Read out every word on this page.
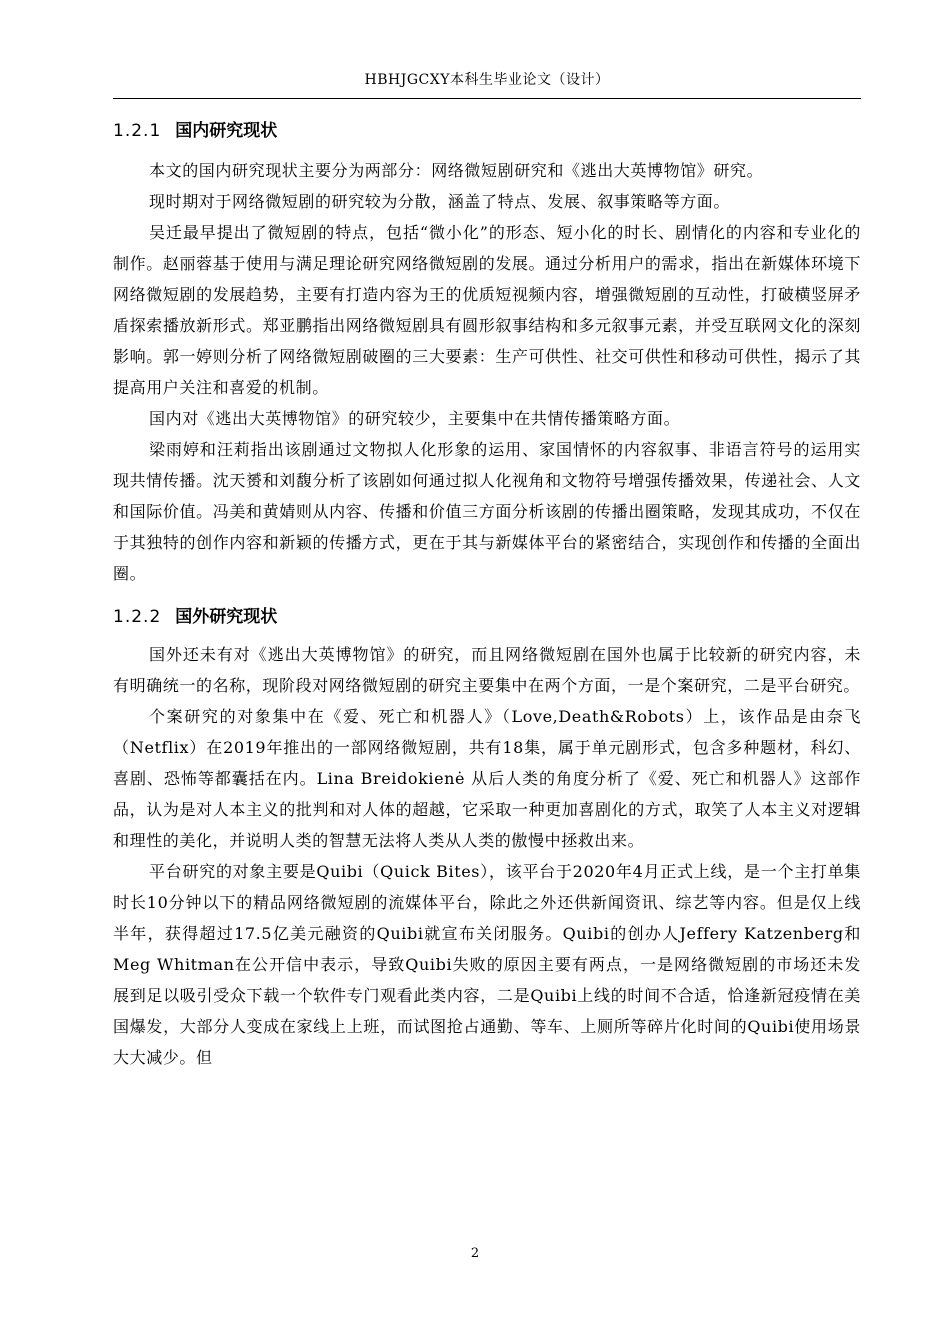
HBHJGCXY本科生毕业论文（设计）
1.2.1 国内研究现状

本文的国内研究现状主要分为两部分：网络微短剧研究和《逃出大英博物馆》研究。

现时期对于网络微短剧的研究较为分散，涵盖了特点、发展、叙事策略等方面。

吴迁最早提出了微短剧的特点，包括“微小化”的形态、短小化的时长、剧情化的内容和专业化的制作。赵丽蓉基于使用与满足理论研究网络微短剧的发展。通过分析用户的需求，指出在新媒体环境下网络微短剧的发展趋势，主要有打造内容为王的优质短视频内容，增强微短剧的互动性，打破横竖屏矛盾探索播放新形式。郑亚鹏指出网络微短剧具有圆形叙事结构和多元叙事元素，并受互联网文化的深刻影响。郭一婷则分析了网络微短剧破圈的三大要素：生产可供性、社交可供性和移动可供性，揭示了其提高用户关注和喜爱的机制。

国内对《逃出大英博物馆》的研究较少，主要集中在共情传播策略方面。

梁雨婷和汪莉指出该剧通过文物拟人化形象的运用、家国情怀的内容叙事、非语言符号的运用实现共情传播。沈天赟和刘馥分析了该剧如何通过拟人化视角和文物符号增强传播效果，传递社会、人文和国际价值。冯美和黄婧则从内容、传播和价值三方面分析该剧的传播出圈策略，发现其成功，不仅在于其独特的创作内容和新颖的传播方式，更在于其与新媒体平台的紧密结合，实现创作和传播的全面出圈。

1.2.2 国外研究现状

国外还未有对《逃出大英博物馆》的研究，而且网络微短剧在国外也属于比较新的研究内容，未有明确统一的名称，现阶段对网络微短剧的研究主要集中在两个方面，一是个案研究，二是平台研究。

个案研究的对象集中在《爱、死亡和机器人》（Love,Death&Robots）上，该作品是由奈飞（Netflix）在2019年推出的一部网络微短剧，共有18集，属于单元剧形式，包含多种题材，科幻、喜剧、恐怖等都囊括在内。Lina Breidokienė 从后人类的角度分析了《爱、死亡和机器人》这部作品，认为是对人本主义的批判和对人体的超越，它采取一种更加喜剧化的方式，取笑了人本主义对逻辑和理性的美化，并说明人类的智慧无法将人类从人类的傲慢中拯救出来。

平台研究的对象主要是Quibi（Quick Bites），该平台于2020年4月正式上线，是一个主打单集时长10分钟以下的精品网络微短剧的流媒体平台，除此之外还供新闻资讯、综艺等内容。但是仅上线半年，获得超过17.5亿美元融资的Quibi就宣布关闭服务。Quibi的创办人Jeffery Katzenberg和Meg Whitman在公开信中表示，导致Quibi失败的原因主要有两点，一是网络微短剧的市场还未发展到足以吸引受众下载一个软件专门观看此类内容，二是Quibi上线的时间不合适，恰逢新冠疫情在美国爆发，大部分人变成在家线上上班，而试图抢占通勤、等车、上厕所等碎片化时间的Quibi使用场景大大减少。但

2
